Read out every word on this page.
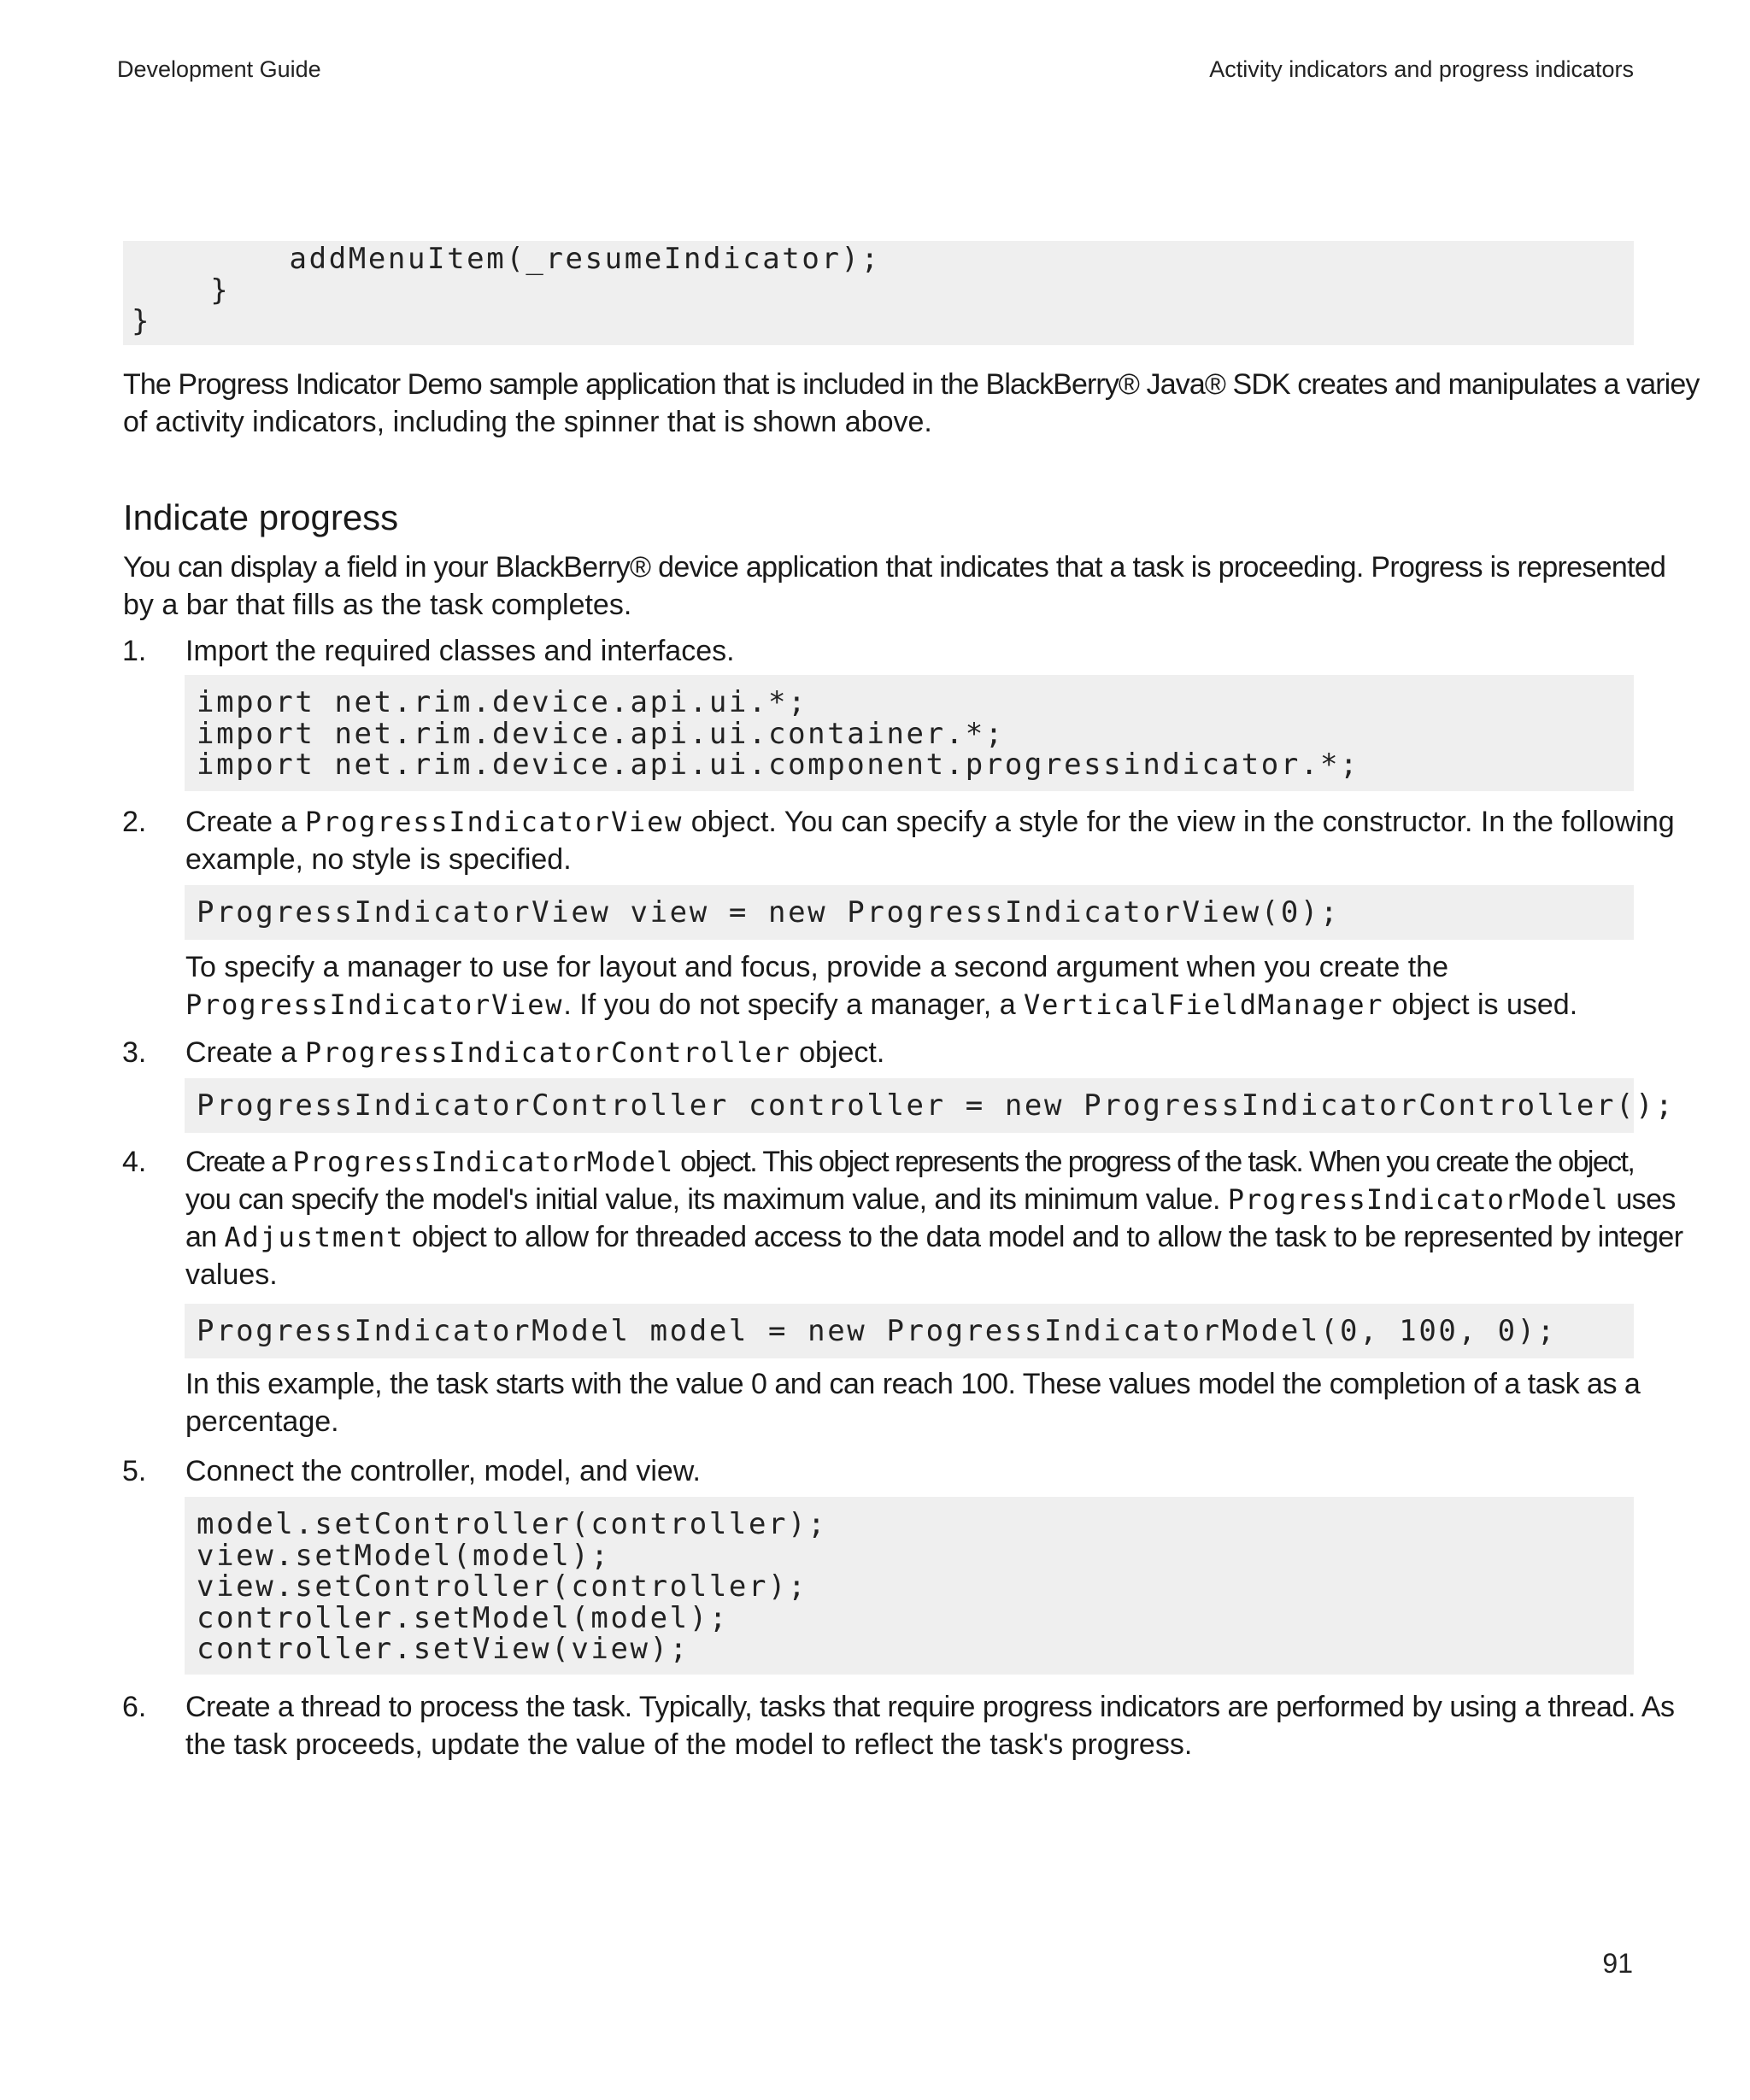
Development Guide	Activity indicators and progress indicators
addMenuItem(_resumeIndicator);
}
}
The Progress Indicator Demo sample application that is included in the BlackBerry® Java® SDK creates and manipulates a variey
of activity indicators, including the spinner that is shown above.
Indicate progress
You can display a field in your BlackBerry® device application that indicates that a task is proceeding. Progress is represented
by a bar that fills as the task completes.
1. Import the required classes and interfaces.
import net.rim.device.api.ui.*;
import net.rim.device.api.ui.container.*;
import net.rim.device.api.ui.component.progressindicator.*;
2. Create a ProgressIndicatorView object. You can specify a style for the view in the constructor. In the following
example, no style is specified.
ProgressIndicatorView view = new ProgressIndicatorView(0);
To specify a manager to use for layout and focus, provide a second argument when you create the
ProgressIndicatorView. If you do not specify a manager, a VerticalFieldManager object is used.
3. Create a ProgressIndicatorController object.
ProgressIndicatorController controller = new ProgressIndicatorController();
4. Create a ProgressIndicatorModel object. This object represents the progress of the task. When you create the object,
you can specify the model's initial value, its maximum value, and its minimum value. ProgressIndicatorModel uses
an Adjustment object to allow for threaded access to the data model and to allow the task to be represented by integer
values.
ProgressIndicatorModel model = new ProgressIndicatorModel(0, 100, 0);
In this example, the task starts with the value 0 and can reach 100. These values model the completion of a task as a
percentage.
5. Connect the controller, model, and view.
model.setController(controller);
view.setModel(model);
view.setController(controller);
controller.setModel(model);
controller.setView(view);
6. Create a thread to process the task. Typically, tasks that require progress indicators are performed by using a thread. As
the task proceeds, update the value of the model to reflect the task's progress.
91
